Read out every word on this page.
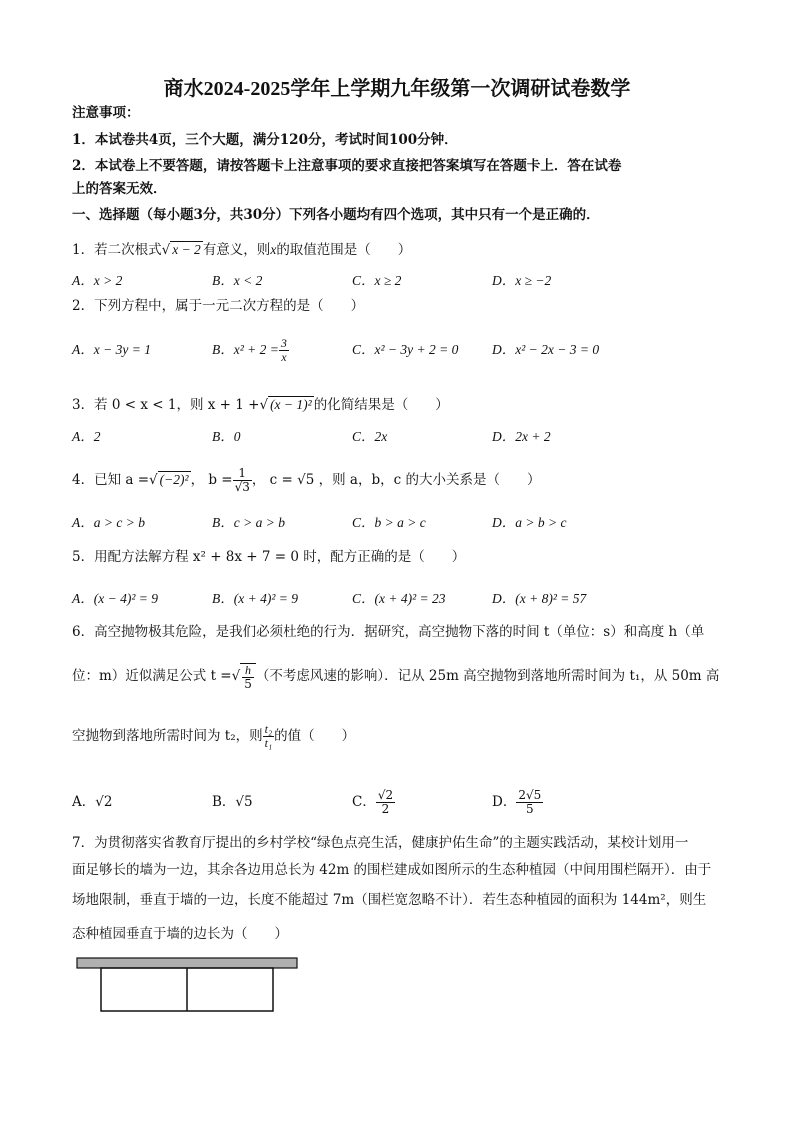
商水2024-2025学年上学期九年级第一次调研试卷数学
注意事项：
1．本试卷共4页，三个大题，满分120分，考试时间100分钟．
2．本试卷上不要答题，请按答题卡上注意事项的要求直接把答案填写在答题卡上．答在试卷
上的答案无效．
一、选择题（每小题3分，共30分）下列各小题均有四个选项，其中只有一个是正确的．
1．若二次根式√ x − 2 有意义，则x的取值范围是（　　）
A．x > 2	B．x < 2	C．x ≥ 2	D．x ≥ −2
2．下列方程中，属于一元二次方程的是（　　）
A．x − 3y = 1	B．$x^2 + 2 = \frac{3}{x}$	C．x² − 3y + 2 = 0 D．x² − 2x − 3 = 0
3．若 0 < x < 1，则 x + 1 +√ (x − 1)² 的化简结果是（　　）
A．2	B．0	C．2x	D．2x + 2
4．已知 a =√ (−2)² ， $b = \frac{1}{√3}$ ， c = √5 ，则 a，b，c 的大小关系是（　　）
A．a > c > b	B．c > a > b	C．b > a > c	D．a > b > c
5．用配方法解方程 x² + 8x + 7 = 0 时，配方正确的是（　　）
A．(x − 4)² = 9	B．(x + 4)² = 9	C．(x + 4)² = 23	D．(x + 8)² = 57
6．高空抛物极其危险，是我们必须杜绝的行为．据研究，高空抛物下落的时间 t（单位：s）和高度 h（单
位：m）近似满足公式 t =√ $\frac{h}{5}$ （不考虑风速的影响）．记从 25m 高空抛物到落地所需时间为 t₁，从 50m 高
空抛物到落地所需时间为 t₂，则 $\frac{\text{t₂}}{\text{t₁}}$ 的值（　　）
A．√2	B．√5	C． $\frac{√2}{2}$	D． $\frac{2√5}{5}$
7．为贯彻落实省教育厅提出的乡村学校“绿色点亮生活，健康护佑生命”的主题实践活动，某校计划用一
面足够长的墙为一边，其余各边用总长为 42m 的围栏建成如图所示的生态种植园（中间用围栏隔开）．由于
场地限制，垂直于墙的一边，长度不能超过 7m（围栏宽忽略不计）．若生态种植园的面积为 144m²，则生
态种植园垂直于墙的边长为（　　）
